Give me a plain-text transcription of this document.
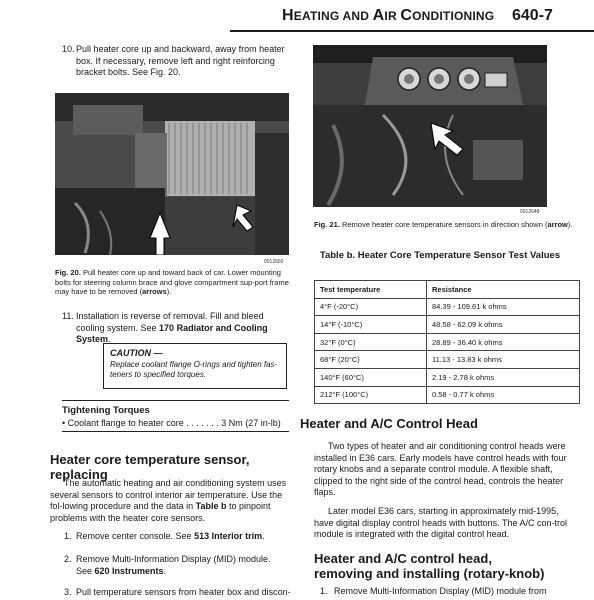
HEATING AND AIR CONDITIONING 640-7
10. Pull heater core up and backward, away from heater box. If necessary, remove left and right reinforcing bracket bolts. See Fig. 20.
0012660
Fig. 20. Pull heater core up and toward back of car. Lower mounting bolts for steering column brace and glove compartment sup-port frame may have to be removed (arrows).
11. Installation is reverse of removal. Fill and bleed cooling system. See 170 Radiator and Cooling System.
CAUTION —
Replace coolant flange O-rings and tighten fas-teners to specified torques.
Tightening Torques
• Coolant flange to heater core . . . . . . . 3 Nm (27 in-lb)
Heater core temperature sensor, replacing
The automatic heating and air conditioning system uses several sensors to control interior air temperature. Use the fol-lowing procedure and the data in Table b to pinpoint problems with the heater core sensors.
1. Remove center console. See 513 Interior trim.
2. Remove Multi-Information Display (MID) module. See 620 Instruments.
3. Pull temperature sensors from heater box and discon-
0012648
Fig. 21. Remove heater core temperature sensors in direction shown (arrow).
Table b. Heater Core Temperature Sensor Test Values
Test temperature	Resistance
4°F (-20°C)	84.39 - 109.61 k ohms
14°F (-10°C)	48.58 - 62.09 k ohms
32°F (0°C)	28.89 - 36.40 k ohms
68°F (20°C)	11.13 - 13.83 k ohms
140°F (60°C)	2.19 - 2.78 k ohms
212°F (100°C)	0.58 - 0.77 k ohms
Heater and A/C Control Head
Two types of heater and air conditioning control heads were installed in E36 cars. Early models have control heads with four rotary knobs and a separate control module. A flexible shaft, clipped to the right side of the control head, controls the heater flaps.
Later model E36 cars, starting in approximately mid-1995, have digital display control heads with buttons. The A/C con-trol module is integrated with the digital control head.
Heater and A/C control head,
removing and installing (rotary-knob)
1. Remove Multi-Information Display (MID) module from
